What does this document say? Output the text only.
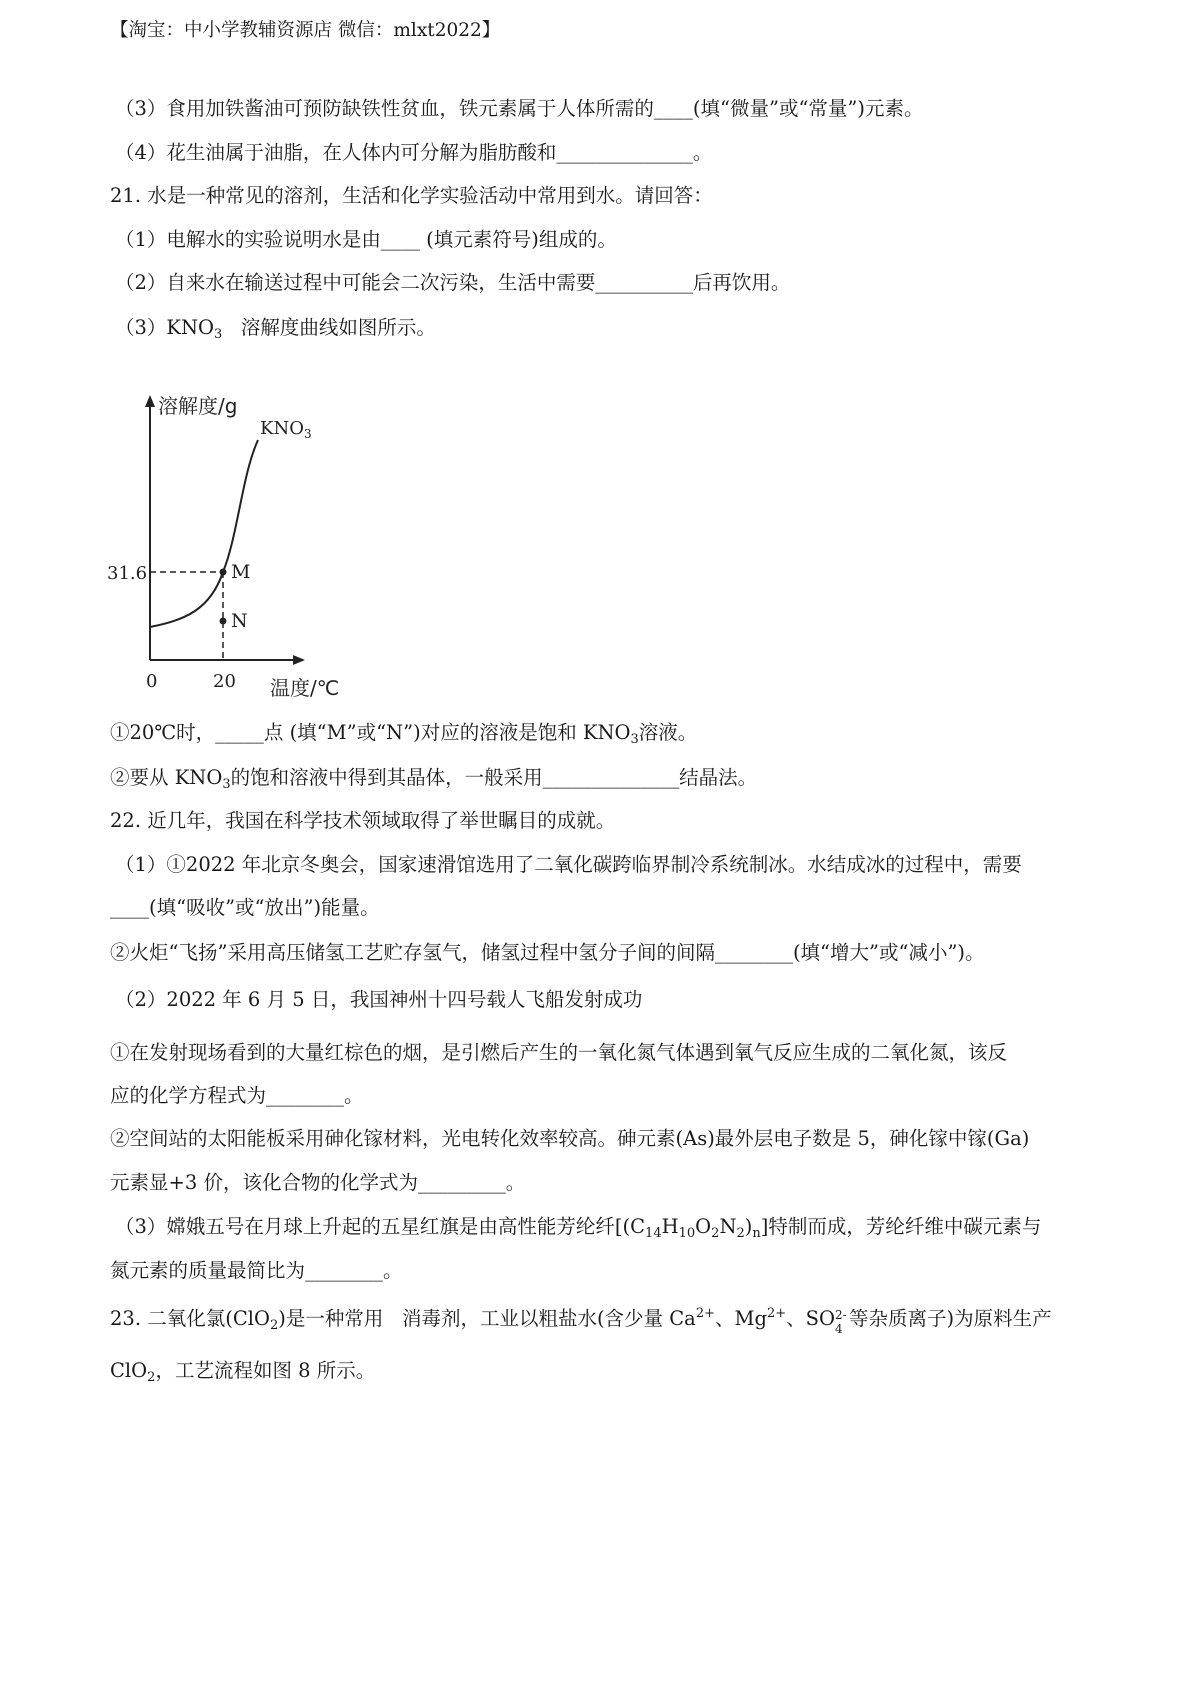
【淘宝：中小学教辅资源店 微信：mlxt2022】
（3）食用加铁酱油可预防缺铁性贫血，铁元素属于人体所需的____(填“微量”或“常量”)元素。
（4）花生油属于油脂，在人体内可分解为脂肪酸和______________。
21. 水是一种常见的溶剂，生活和化学实验活动中常用到水。请回答：
（1）电解水的实验说明水是由____ (填元素符号)组成的。
（2）自来水在输送过程中可能会二次污染，生活中需要__________后再饮用。
$(3)KNO_3$   溶解度曲线如图所示。
M
N
溶解度/g
$KNO_3$
31.6
0	20 温度/℃
①20℃时，_____点 (填“M”或“N”)对应的溶液是饱和 $KNO_3$溶液。
②要从 $KNO_3$的饱和溶液中得到其晶体，一般采用______________结晶法。
22. 近几年，我国在科学技术领域取得了举世瞩目的成就。
（1）①2022 年北京冬奥会，国家速滑馆选用了二氧化碳跨临界制冷系统制冰。水结成冰的过程中，需要
____(填“吸收”或“放出”)能量。
②火炬“飞扬”采用高压储氢工艺贮存氢气，储氢过程中氢分子间的间隔________(填“增大”或“减小”)。
（2）2022 年 6 月 5 日，我国神州十四号载人飞船发射成功
①在发射现场看到的大量红棕色的烟，是引燃后产生的一氧化氮气体遇到氧气反应生成的二氧化氮，该反
应的化学方程式为________。
②空间站的太阳能板采用砷化镓材料，光电转化效率较高。砷元素(As)最外层电子数是 5，砷化镓中镓(Ga)
元素显+3 价，该化合物的化学式为_________。
（3）嫦娥五号在月球上升起的五星红旗是由高性能芳纶纤$[(C_{14}H_{10}O_2N_2)_n]$特制而成，芳纶纤维中碳元素与
氮元素的质量最简比为________。
23. 二氧化氯(ClO$_2$)是一种常用   消毒剂，工业以粗盐水(含少量 $Ca^{2+}$、$Mg^{2+}$、SO 2-
4 等杂质离子)为原料生产
ClO$_2$，工艺流程如图 8 所示。
